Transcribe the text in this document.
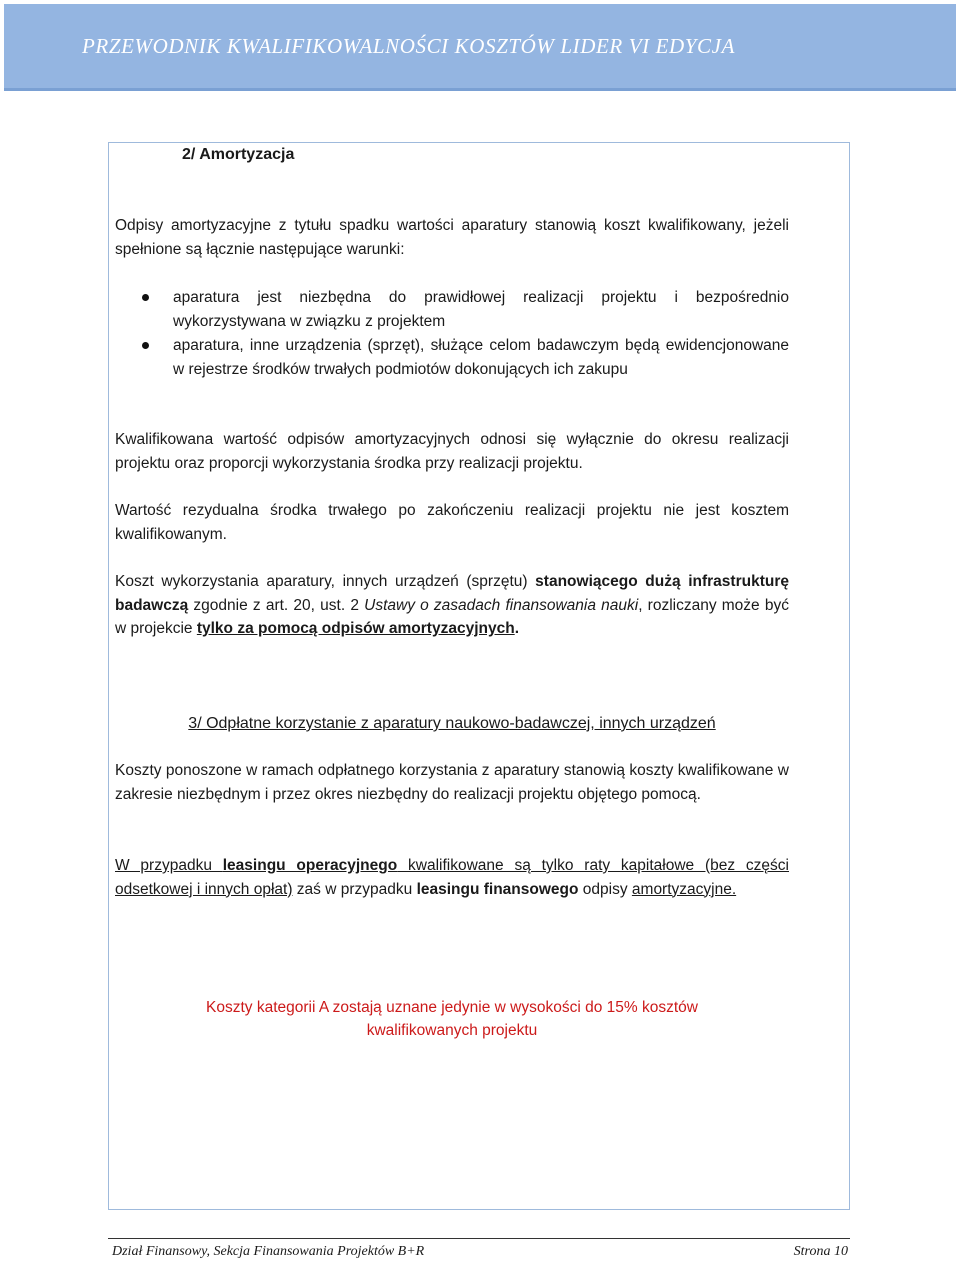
PRZEWODNIK KWALIFIKOWALNOŚCI KOSZTÓW LIDER VI EDYCJA
2/ Amortyzacja
Odpisy amortyzacyjne z tytułu spadku wartości aparatury stanowią koszt kwalifikowany, jeżeli spełnione są łącznie następujące warunki:
aparatura jest niezbędna do prawidłowej realizacji projektu i bezpośrednio wykorzystywana w związku z projektem
aparatura, inne urządzenia (sprzęt), służące celom badawczym będą ewidencjonowane w rejestrze środków trwałych podmiotów dokonujących ich zakupu
Kwalifikowana wartość odpisów amortyzacyjnych odnosi się wyłącznie do okresu realizacji projektu oraz proporcji wykorzystania środka przy realizacji projektu.
Wartość rezydualna środka trwałego po zakończeniu realizacji projektu nie jest kosztem kwalifikowanym.
Koszt wykorzystania aparatury, innych urządzeń (sprzętu) stanowiącego dużą infrastrukturę badawczą zgodnie z art. 20, ust. 2 Ustawy o zasadach finansowania nauki, rozliczany może być w projekcie tylko za pomocą odpisów amortyzacyjnych.
3/ Odpłatne korzystanie z aparatury naukowo-badawczej, innych urządzeń
Koszty ponoszone w ramach odpłatnego korzystania z aparatury stanowią koszty kwalifikowane w zakresie niezbędnym i przez okres niezbędny do realizacji projektu objętego pomocą.
W przypadku leasingu operacyjnego kwalifikowane są tylko raty kapitałowe (bez części odsetkowej i innych opłat) zaś w przypadku leasingu finansowego odpisy amortyzacyjne.
Koszty kategorii A zostają uznane jedynie w wysokości do 15% kosztów
kwalifikowanych projektu
Dział Finansowy, Sekcja Finansowania Projektów B+R	Strona 10
